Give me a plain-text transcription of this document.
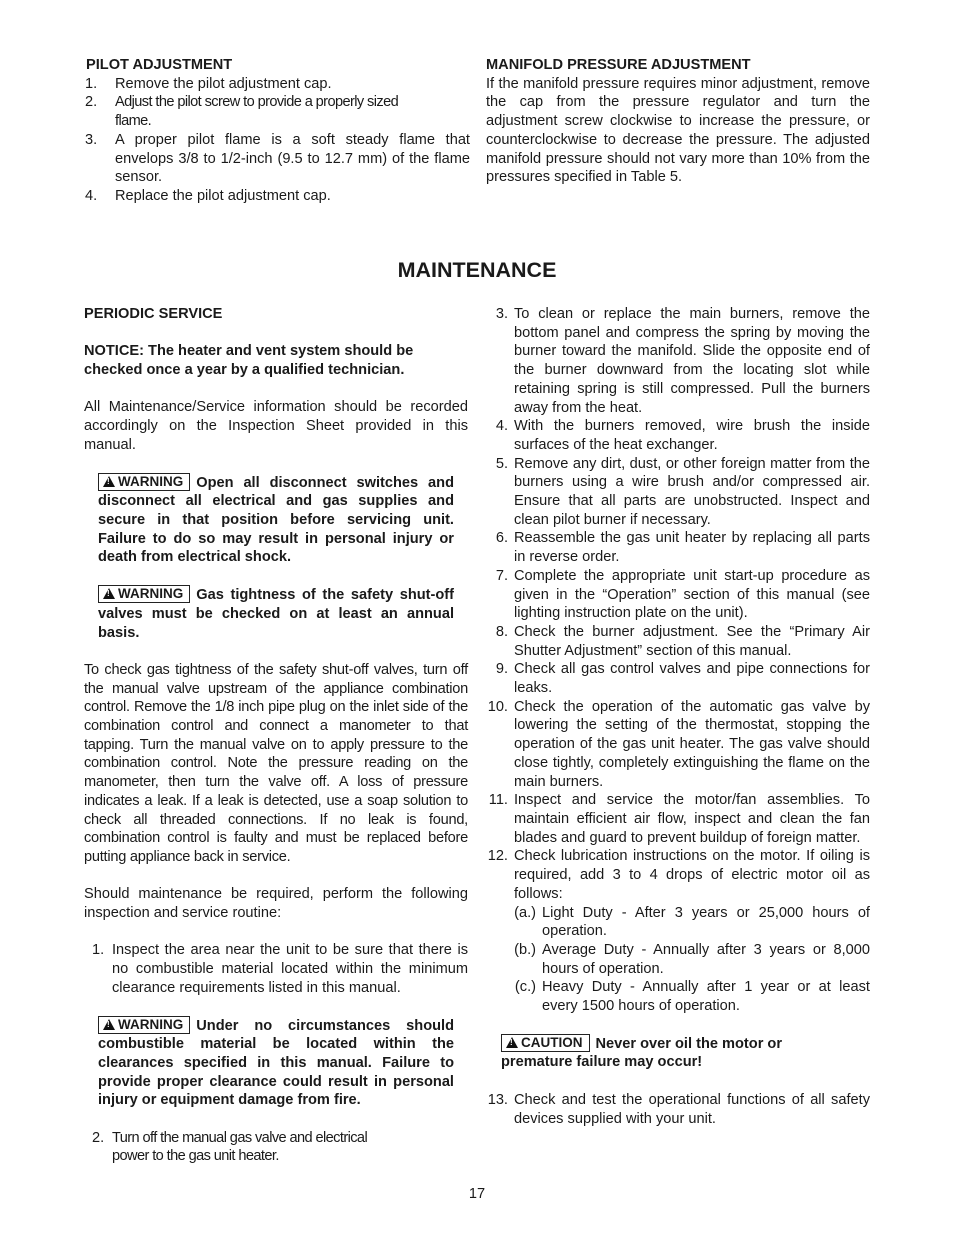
PILOT ADJUSTMENT
1. Remove the pilot adjustment cap.
2. Adjust the pilot screw to provide a properly sized flame.
3. A proper pilot flame is a soft steady flame that envelops 3/8 to 1/2-inch (9.5 to 12.7 mm) of the flame sensor.
4. Replace the pilot adjustment cap.
MANIFOLD PRESSURE ADJUSTMENT

If the manifold pressure requires minor adjustment, remove the cap from the pressure regulator and turn the adjustment screw clockwise to increase the pressure, or counterclockwise to decrease the pressure. The adjusted manifold pressure should not vary more than 10% from the pressures specified in Table 5.

MAINTENANCE
PERIODIC SERVICE

NOTICE: The heater and vent system should be checked once a year by a qualified technician.

All Maintenance/Service information should be recorded accordingly on the Inspection Sheet provided in this manual.

!WARNING Open all disconnect switches and disconnect all electrical and gas supplies and secure in that position before servicing unit. Failure to do so may result in personal injury or death from electrical shock.

!WARNING Gas tightness of the safety shut-off valves must be checked on at least an annual basis.

To check gas tightness of the safety shut-off valves, turn off the manual valve upstream of the appliance combination control. Remove the 1/8 inch pipe plug on the inlet side of the combination control and connect a manometer to that tapping. Turn the manual valve on to apply pressure to the combination control. Note the pressure reading on the manometer, then turn the valve off. A loss of pressure indicates a leak. If a leak is detected, use a soap solution to check all threaded connections. If no leak is found, combination control is faulty and must be replaced before putting appliance back in service.

Should maintenance be required, perform the following inspection and service routine:

1. Inspect the area near the unit to be sure that there is no combustible material located within the minimum clearance requirements listed in this manual.

!WARNING Under no circumstances should combustible material be located within the clearances specified in this manual. Failure to provide proper clearance could result in personal injury or equipment damage from fire.

2. Turn off the manual gas valve and electrical power to the gas unit heater.
3. To clean or replace the main burners, remove the bottom panel and compress the spring by moving the burner toward the manifold. Slide the opposite end of the burner downward from the locating slot while retaining spring is still compressed. Pull the burners away from the heat.
4. With the burners removed, wire brush the inside surfaces of the heat exchanger.
5. Remove any dirt, dust, or other foreign matter from the burners using a wire brush and/or compressed air. Ensure that all parts are unobstructed. Inspect and clean pilot burner if necessary.
6. Reassemble the gas unit heater by replacing all parts in reverse order.
7. Complete the appropriate unit start-up procedure as given in the “Operation” section of this manual (see lighting instruction plate on the unit).
8. Check the burner adjustment. See the “Primary Air Shutter Adjustment” section of this manual.
9. Check all gas control valves and pipe connections for leaks.
10. Check the operation of the automatic gas valve by lowering the setting of the thermostat, stopping the operation of the gas unit heater. The gas valve should close tightly, completely extinguishing the flame on the main burners.
11. Inspect and service the motor/fan assemblies. To maintain efficient air flow, inspect and clean the fan blades and guard to prevent buildup of foreign matter.
12. Check lubrication instructions on the motor. If oiling is required, add 3 to 4 drops of electric motor oil as follows:
(a.) Light Duty - After 3 years or 25,000 hours of operation.
(b.) Average Duty - Annually after 3 years or 8,000 hours of operation.
(c.) Heavy Duty - Annually after 1 year or at least every 1500 hours of operation.

!CAUTION Never over oil the motor or premature failure may occur!

13. Check and test the operational functions of all safety devices supplied with your unit.
17
